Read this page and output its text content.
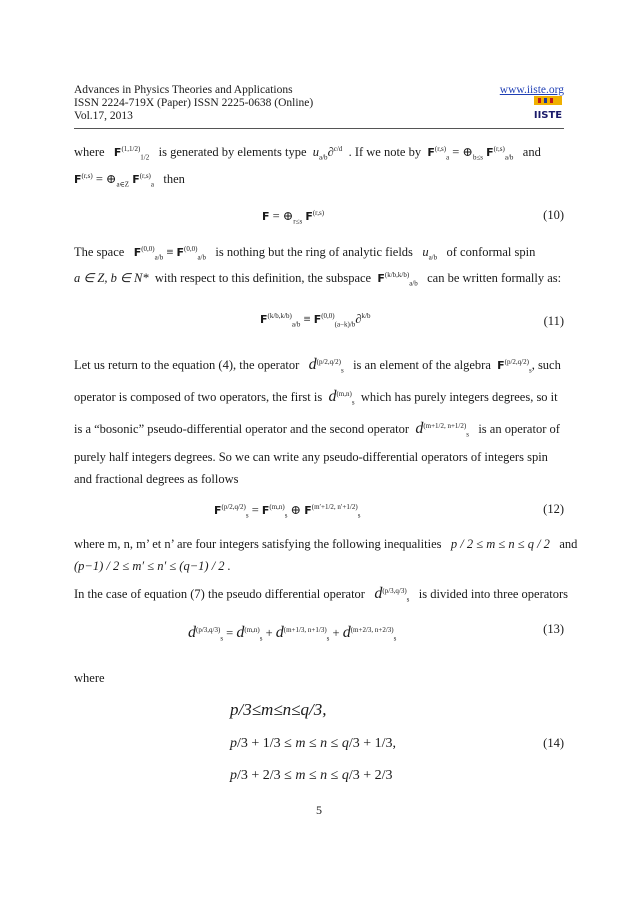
Advances in Physics Theories and Applications
ISSN 2224-719X (Paper) ISSN 2225-0638 (Online)
Vol.17, 2013
www.iiste.org
IISTE
where $F^{(1,1/2)}_{1/2}$ is generated by elements type $u_{a/b}\partial^{c/d}$ . If we note by $F^{(r,s)}_a = \oplus_{b\le s}$ F$^{(r,s)}_{a/b}$ and
$F^{(r,s)} = \oplus_{a\in Z}$ F$^{(r,s)}_a$ then
$F = \oplus_{r\le s}$ F$^{(r,s)}$	(10)
The space F$^{(0,0)}_{a/b}$ ≡ F$^{(0,0)}_{a/b}$ is nothing but the ring of analytic fields $u_{a/b}$ of conformal spin
a ∈ Z, b ∈ N* with respect to this definition, the subspace $F^{(k/b,k/b)}_{a/b}$ can be written formally as:
$F^{(k/b,k/b)}_{a/b} \equiv F^{(0,0)}_{(a-k)/b}\partial^{k/b}$	(11)
Let us return to the equation (4), the operator $d^{(p/2,q/2)}_s$ is an element of the algebra $F^{(p/2,q/2)}_s$, such
operator is composed of two operators, the first is $d^{(m,n)}_s$ which has purely integers degrees, so it
is a “bosonic” pseudo-differential operator and the second operator $d^{(m+1/2, n+1/2)}_s$ is an operator of
purely half integers degrees. So we can write any pseudo-differential operators of integers spin
and fractional degrees as follows
$F^{(p/2,q/2)}_s = F^{(m,n)}_s$ ⊕ $F^{(m'+1/2, n'+1/2)}_s$	(12)
where m, n, m’ et n’ are four integers satisfying the following inequalities p / 2 ≤ m ≤ n ≤ q / 2 and
(p−1) / 2 ≤ m′ ≤ n′ ≤ (q−1) / 2 .
In the case of equation (7) the pseudo differential operator $d^{(p/3,q/3)}_s$ is divided into three operators
$d^{(p/3,q/3)}_s = d^{(m,n)}_s + d^{(m+1/3, n+1/3)}_s + d^{(m+2/3, n+2/3)}_s$
(13)
where
p/3≤m≤n≤q/3,
p/3 + 1/3 ≤ m ≤ n ≤ q/3 + 1/3,	(14)
p/3 + 2/3 ≤ m ≤ n ≤ q/3 + 2/3
5
